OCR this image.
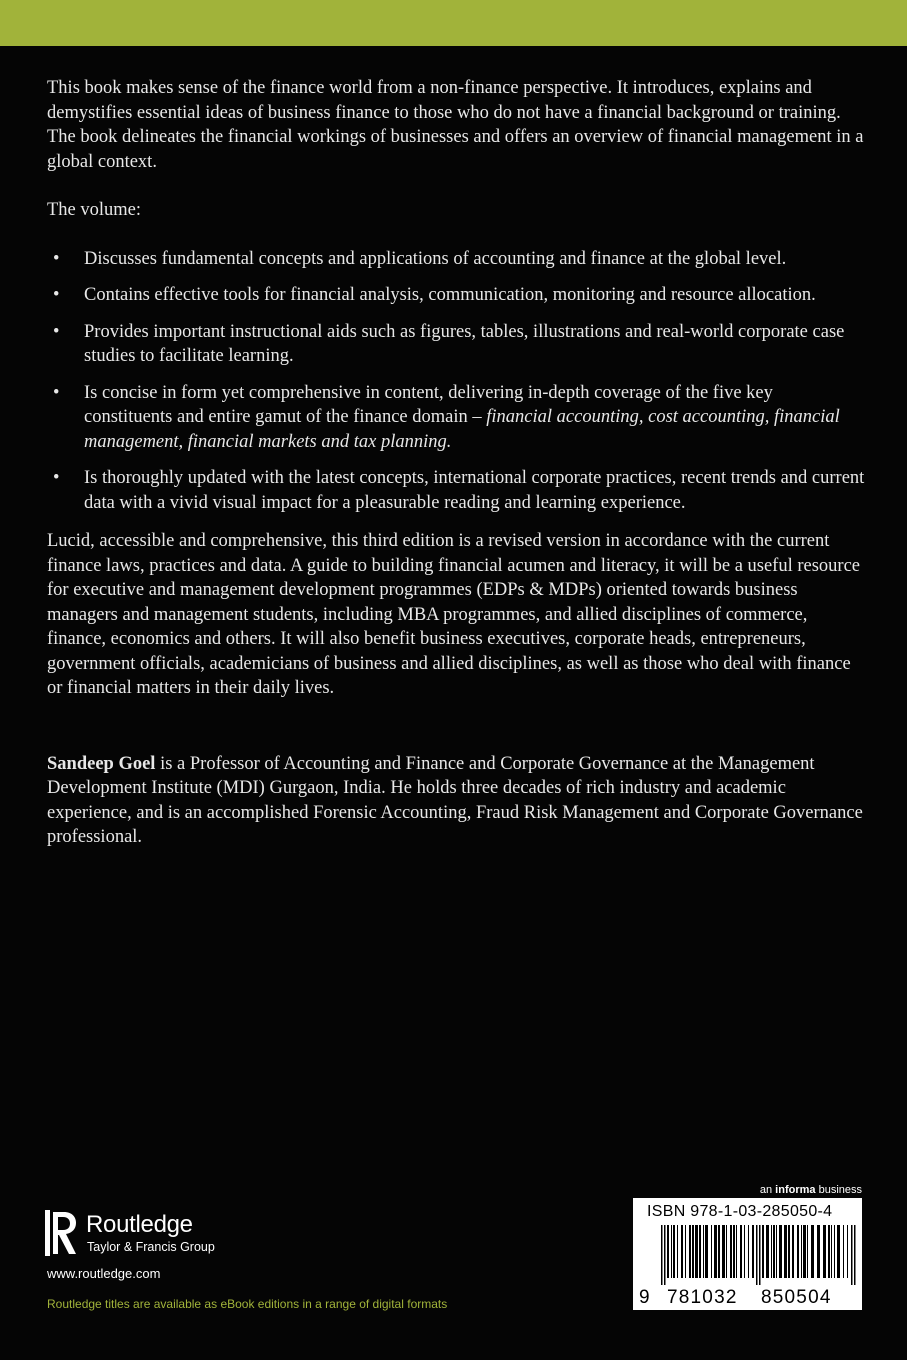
This book makes sense of the finance world from a non-finance perspective. It introduces, explains and demystifies essential ideas of business finance to those who do not have a financial background or training. The book delineates the financial workings of businesses and offers an overview of financial management in a global context.

The volume:

• Discusses fundamental concepts and applications of accounting and finance at the global level.
• Contains effective tools for financial analysis, communication, monitoring and resource allocation.
• Provides important instructional aids such as figures, tables, illustrations and real-world corporate case studies to facilitate learning.
• Is concise in form yet comprehensive in content, delivering in-depth coverage of the five key constituents and entire gamut of the finance domain – financial accounting, cost accounting, financial management, financial markets and tax planning.
• Is thoroughly updated with the latest concepts, international corporate practices, recent trends and current data with a vivid visual impact for a pleasurable reading and learning experience.

Lucid, accessible and comprehensive, this third edition is a revised version in accordance with the current finance laws, practices and data. A guide to building financial acumen and literacy, it will be a useful resource for executive and management development programmes (EDPs & MDPs) oriented towards business managers and management students, including MBA programmes, and allied disciplines of commerce, finance, economics and others. It will also benefit business executives, corporate heads, entrepreneurs, government officials, academicians of business and allied disciplines, as well as those who deal with finance or financial matters in their daily lives.

Sandeep Goel is a Professor of Accounting and Finance and Corporate Governance at the Management Development Institute (MDI) Gurgaon, India. He holds three decades of rich industry and academic experience, and is an accomplished Forensic Accounting, Fraud Risk Management and Corporate Governance professional.

Routledge
Taylor & Francis Group
www.routledge.com
Routledge titles are available as eBook editions in a range of digital formats
an informa business
ISBN 978-1-03-285050-4
9 781032 850504
